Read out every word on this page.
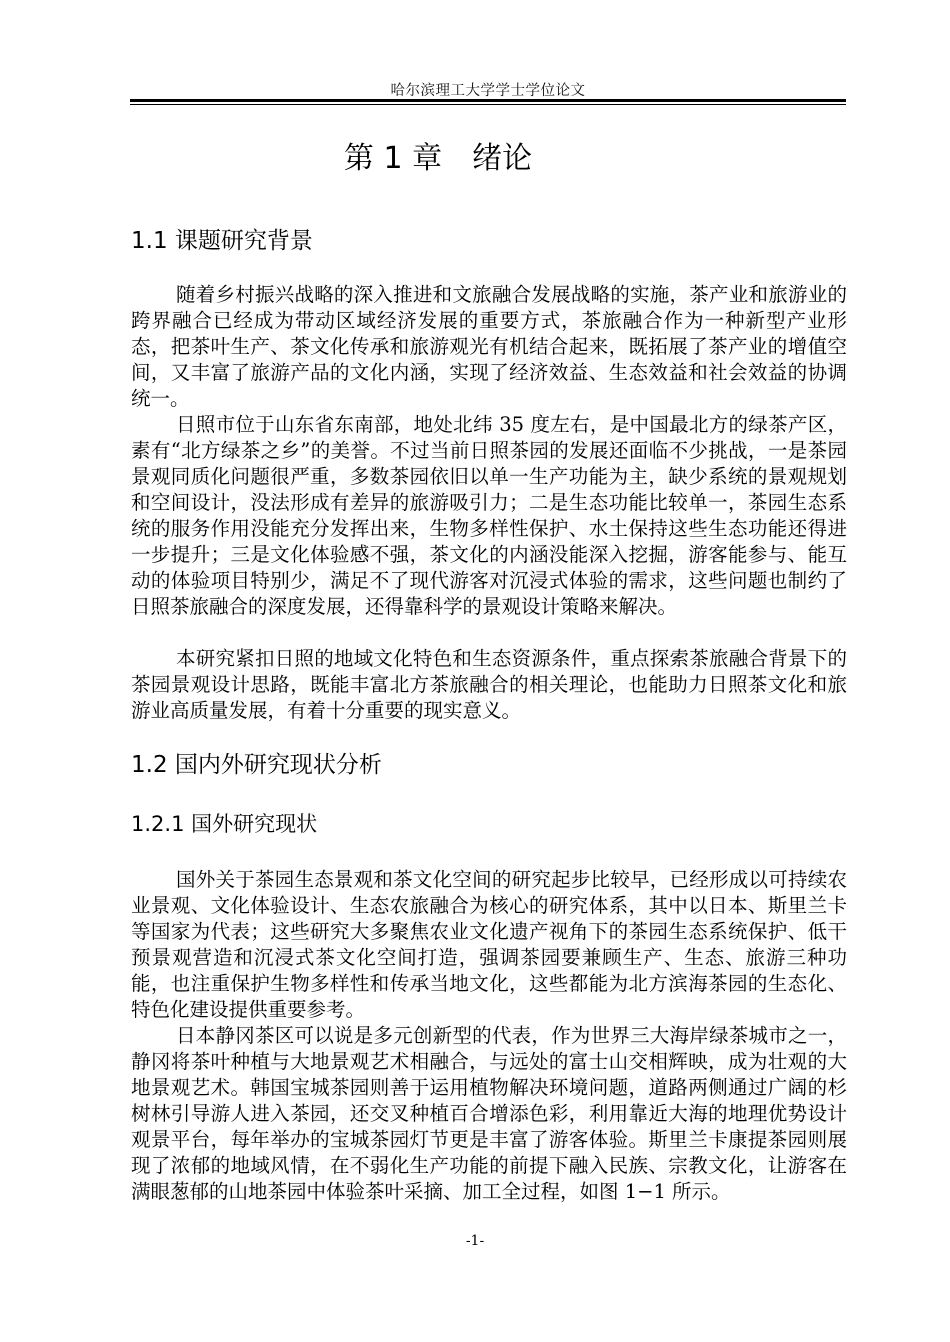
哈尔滨理工大学学士学位论文
第 1 章　绪论
1.1 课题研究背景

随着乡村振兴战略的深入推进和文旅融合发展战略的实施，茶产业和旅游业的跨界融合已经成为带动区域经济发展的重要方式，茶旅融合作为一种新型产业形态，把茶叶生产、茶文化传承和旅游观光有机结合起来，既拓展了茶产业的增值空间，又丰富了旅游产品的文化内涵，实现了经济效益、生态效益和社会效益的协调统一。

日照市位于山东省东南部，地处北纬 35 度左右，是中国最北方的绿茶产区，素有“北方绿茶之乡”的美誉。不过当前日照茶园的发展还面临不少挑战，一是茶园景观同质化问题很严重，多数茶园依旧以单一生产功能为主，缺少系统的景观规划和空间设计，没法形成有差异的旅游吸引力；二是生态功能比较单一，茶园生态系统的服务作用没能充分发挥出来，生物多样性保护、水土保持这些生态功能还得进一步提升；三是文化体验感不强，茶文化的内涵没能深入挖掘，游客能参与、能互动的体验项目特别少，满足不了现代游客对沉浸式体验的需求，这些问题也制约了日照茶旅融合的深度发展，还得靠科学的景观设计策略来解决。

本研究紧扣日照的地域文化特色和生态资源条件，重点探索茶旅融合背景下的茶园景观设计思路，既能丰富北方茶旅融合的相关理论，也能助力日照茶文化和旅游业高质量发展，有着十分重要的现实意义。

1.2 国内外研究现状分析
1.2.1 国外研究现状

国外关于茶园生态景观和茶文化空间的研究起步比较早，已经形成以可持续农业景观、文化体验设计、生态农旅融合为核心的研究体系，其中以日本、斯里兰卡等国家为代表；这些研究大多聚焦农业文化遗产视角下的茶园生态系统保护、低干预景观营造和沉浸式茶文化空间打造，强调茶园要兼顾生产、生态、旅游三种功能，也注重保护生物多样性和传承当地文化，这些都能为北方滨海茶园的生态化、特色化建设提供重要参考。

日本静冈茶区可以说是多元创新型的代表，作为世界三大海岸绿茶城市之一，静冈将茶叶种植与大地景观艺术相融合，与远处的富士山交相辉映，成为壮观的大地景观艺术。韩国宝城茶园则善于运用植物解决环境问题，道路两侧通过广阔的杉树林引导游人进入茶园，还交叉种植百合增添色彩，利用靠近大海的地理优势设计观景平台，每年举办的宝城茶园灯节更是丰富了游客体验。斯里兰卡康提茶园则展现了浓郁的地域风情，在不弱化生产功能的前提下融入民族、宗教文化，让游客在满眼葱郁的山地茶园中体验茶叶采摘、加工全过程，如图 1−1 所示。

-1-
